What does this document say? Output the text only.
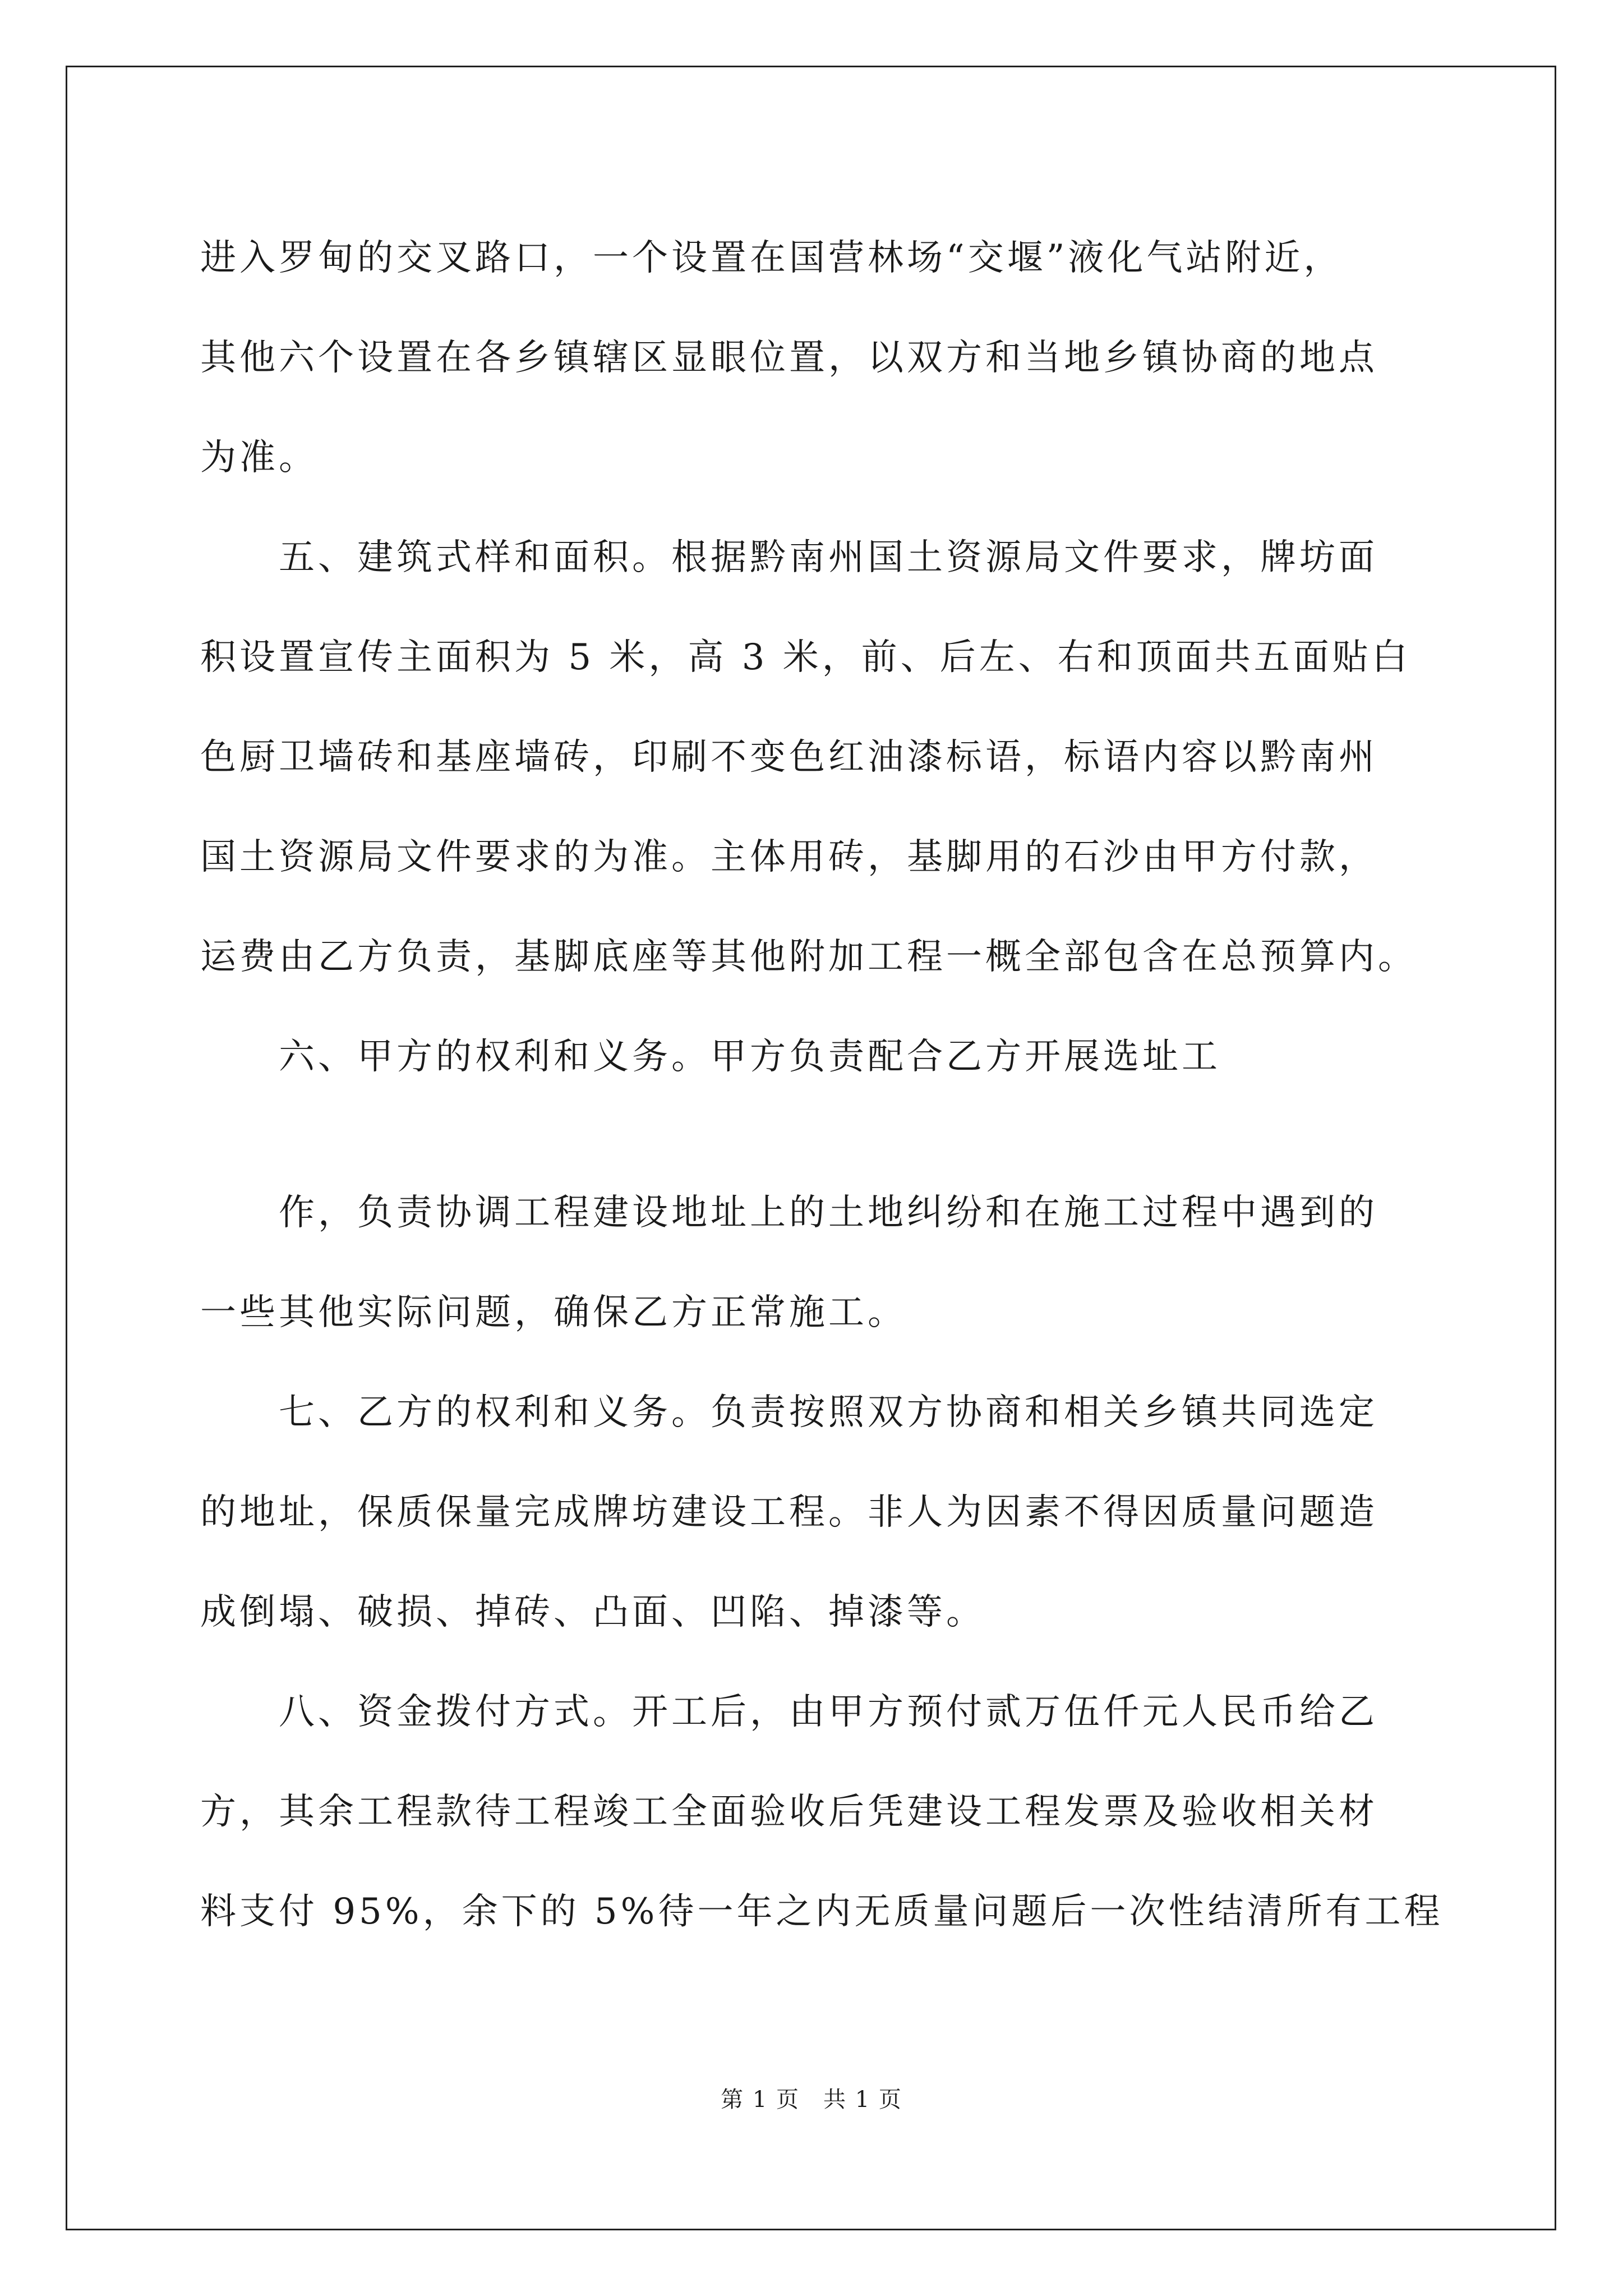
进入罗甸的交叉路口，一个设置在国营林场“交堰”液化气站附近，
其他六个设置在各乡镇辖区显眼位置，以双方和当地乡镇协商的地点
为准。
五、建筑式样和面积。根据黔南州国土资源局文件要求，牌坊面
积设置宣传主面积为 5 米，高 3 米，前、后左、右和顶面共五面贴白
色厨卫墙砖和基座墙砖，印刷不变色红油漆标语，标语内容以黔南州
国土资源局文件要求的为准。主体用砖，基脚用的石沙由甲方付款，
运费由乙方负责，基脚底座等其他附加工程一概全部包含在总预算内。
六、甲方的权利和义务。甲方负责配合乙方开展选址工
作，负责协调工程建设地址上的土地纠纷和在施工过程中遇到的
一些其他实际问题，确保乙方正常施工。
七、乙方的权利和义务。负责按照双方协商和相关乡镇共同选定
的地址，保质保量完成牌坊建设工程。非人为因素不得因质量问题造
成倒塌、破损、掉砖、凸面、凹陷、掉漆等。
八、资金拨付方式。开工后，由甲方预付贰万伍仟元人民币给乙
方，其余工程款待工程竣工全面验收后凭建设工程发票及验收相关材
料支付 95%，余下的 5%待一年之内无质量问题后一次性结清所有工程
第 1 页　共 1 页
